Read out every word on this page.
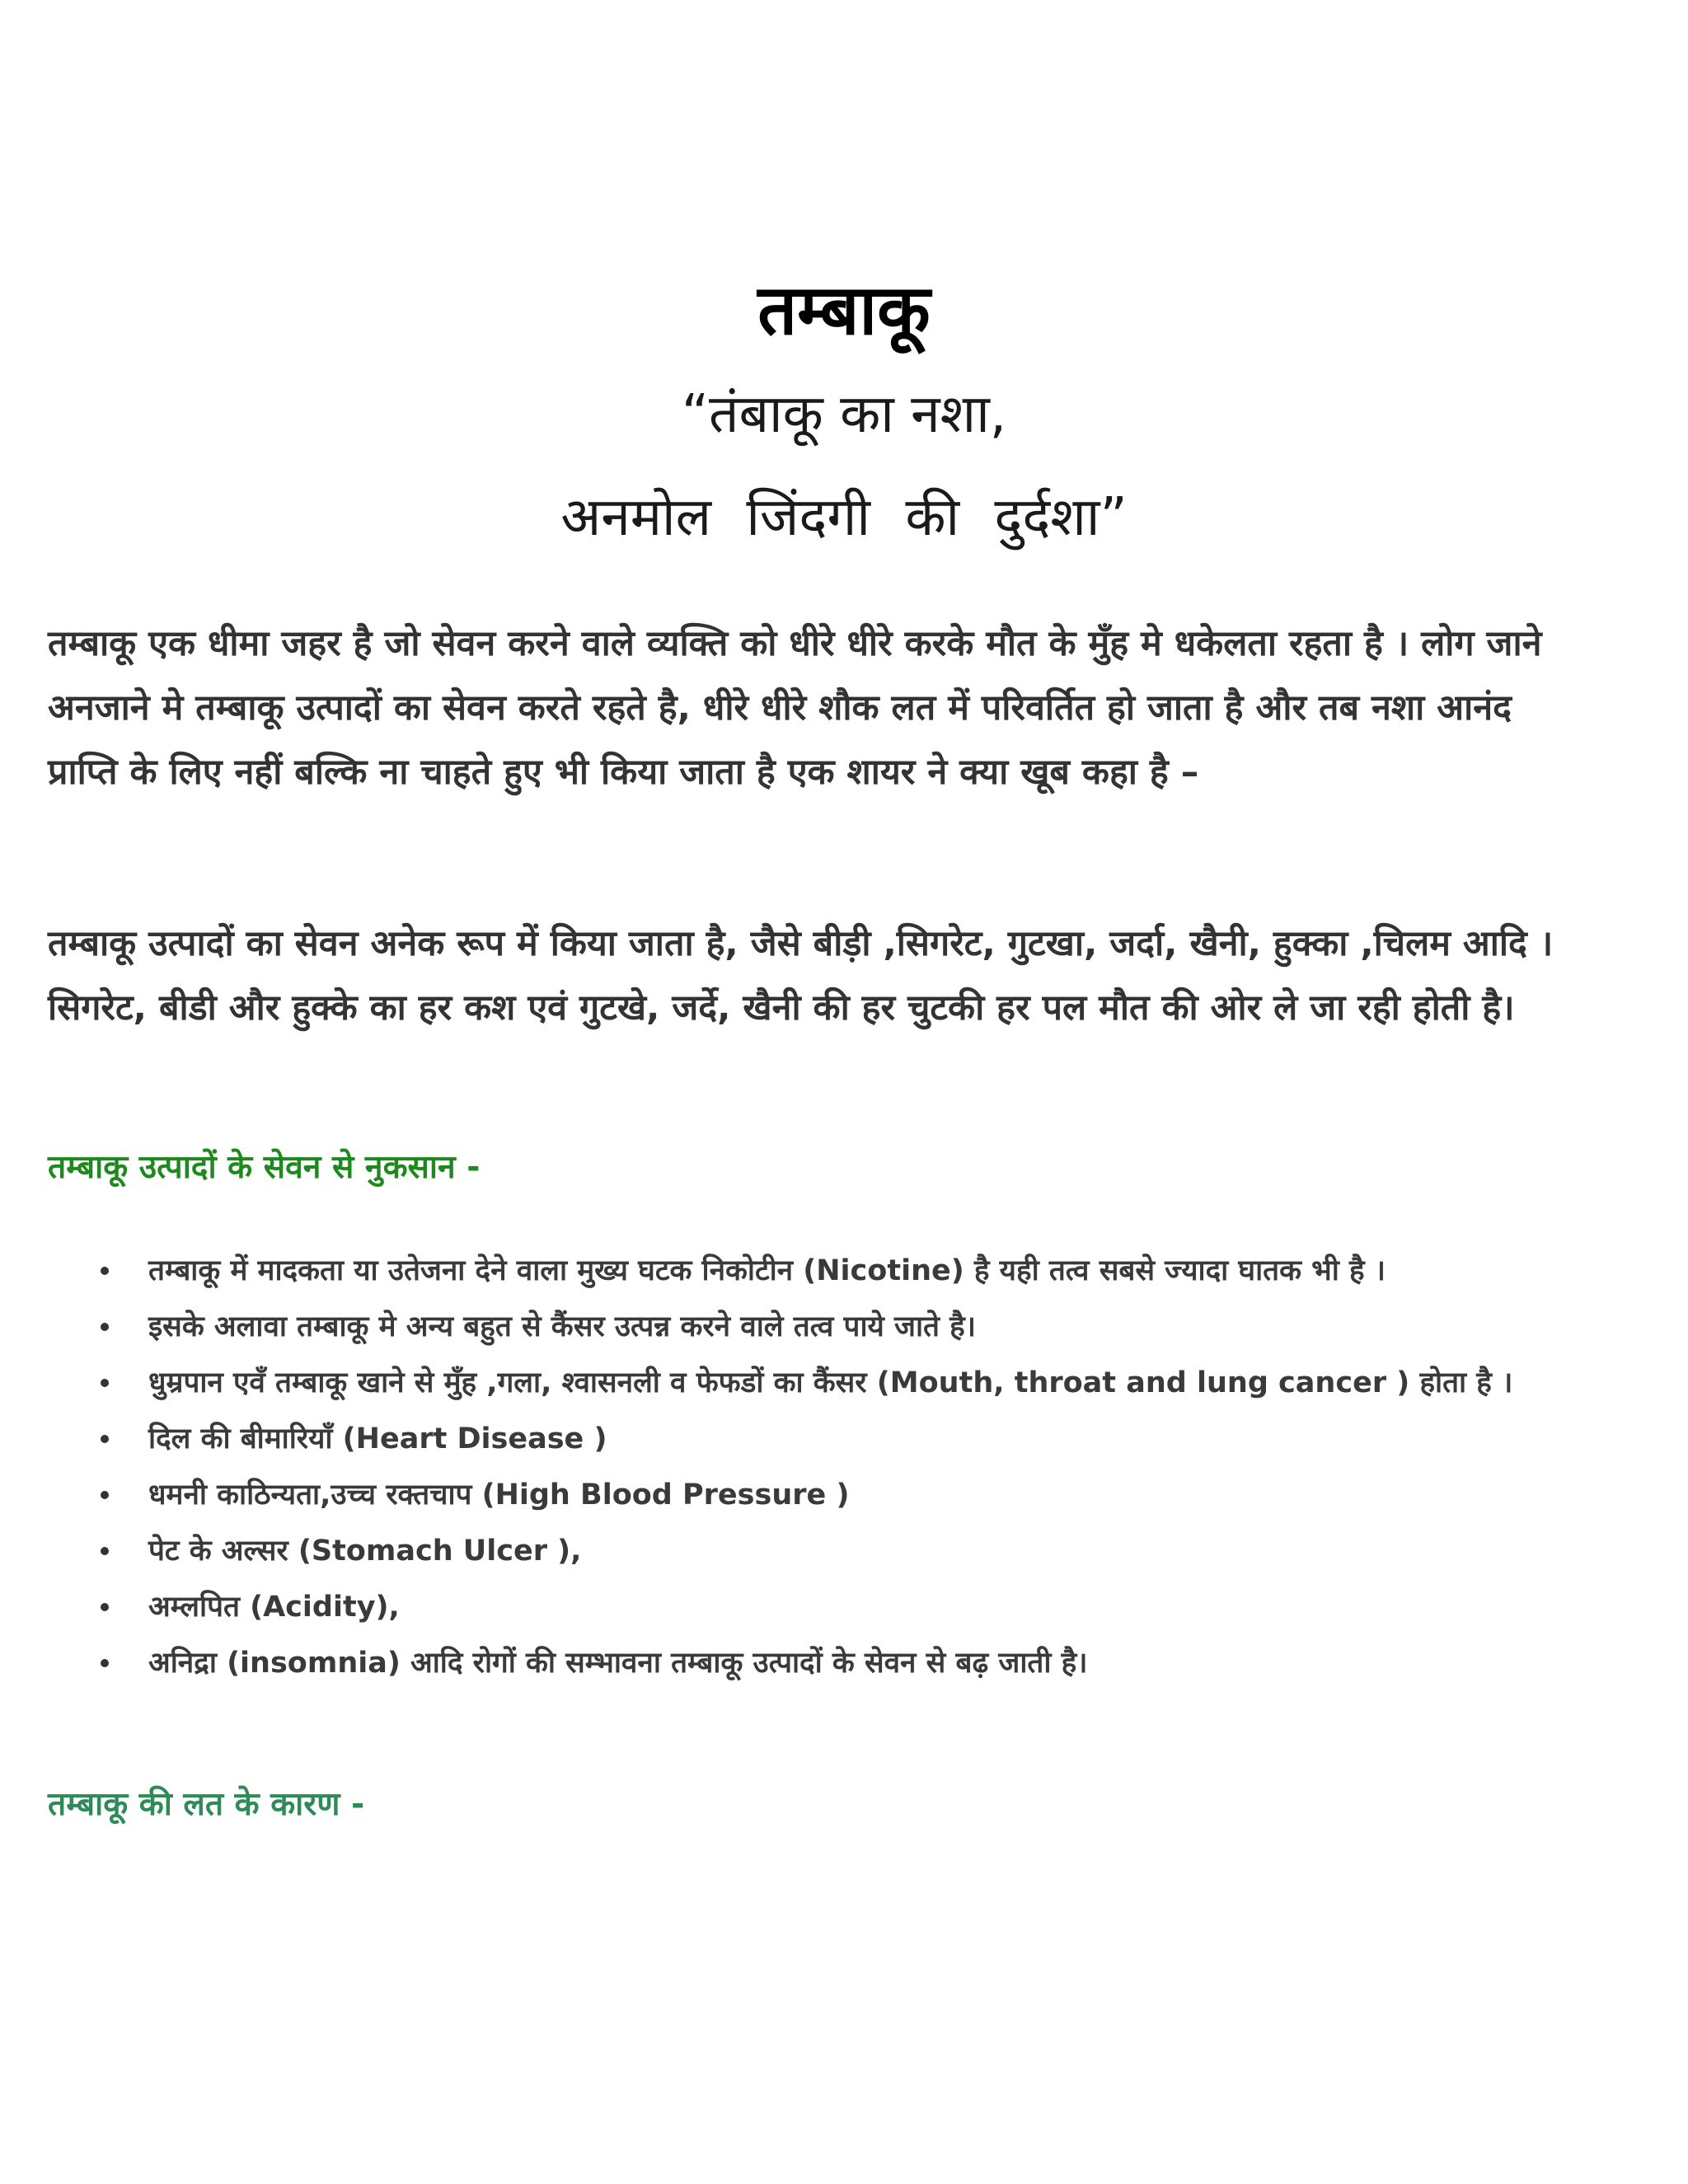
तम्बाकू
“तंबाकू का नशा,
अनमोल जिंदगी की दुर्दशा”

तम्बाकू एक धीमा जहर है जो सेवन करने वाले व्यक्ति को धीरे धीरे करके मौत के मुँह मे धकेलता रहता है । लोग जाने अनजाने मे तम्बाकू उत्पादों का सेवन करते रहते है, धीरे धीरे शौक लत में परिवर्तित हो जाता है और तब नशा आनंद प्राप्ति के लिए नहीं बल्कि ना चाहते हुए भी किया जाता है एक शायर ने क्या खूब कहा है –

तम्बाकू उत्पादों का सेवन अनेक रूप में किया जाता है, जैसे बीड़ी ,सिगरेट, गुटखा, जर्दा, खैनी, हुक्का ,चिलम आदि । सिगरेट, बीडी और हुक्के का हर कश एवं गुटखे, जर्दे, खैनी की हर चुटकी हर पल मौत की ओर ले जा रही होती है।

तम्बाकू उत्पादों के सेवन से नुकसान -
तम्बाकू में मादकता या उतेजना देने वाला मुख्य घटक निकोटीन (Nicotine) है यही तत्व सबसे ज्यादा घातक भी है ।
इसके अलावा तम्बाकू मे अन्य बहुत से कैंसर उत्पन्न करने वाले तत्व पाये जाते है।
धुम्रपान एवँ तम्बाकू खाने से मुँह ,गला, श्वासनली व फेफडों का कैंसर (Mouth, throat and lung cancer ) होता है ।
दिल की बीमारियाँ (Heart Disease )
धमनी काठिन्यता,उच्च रक्तचाप (High Blood Pressure )
पेट के अल्सर (Stomach Ulcer ),
अम्लपित (Acidity),
अनिद्रा (insomnia) आदि रोगों की सम्भावना तम्बाकू उत्पादों के सेवन से बढ़ जाती है।
तम्बाकू की लत के कारण -
